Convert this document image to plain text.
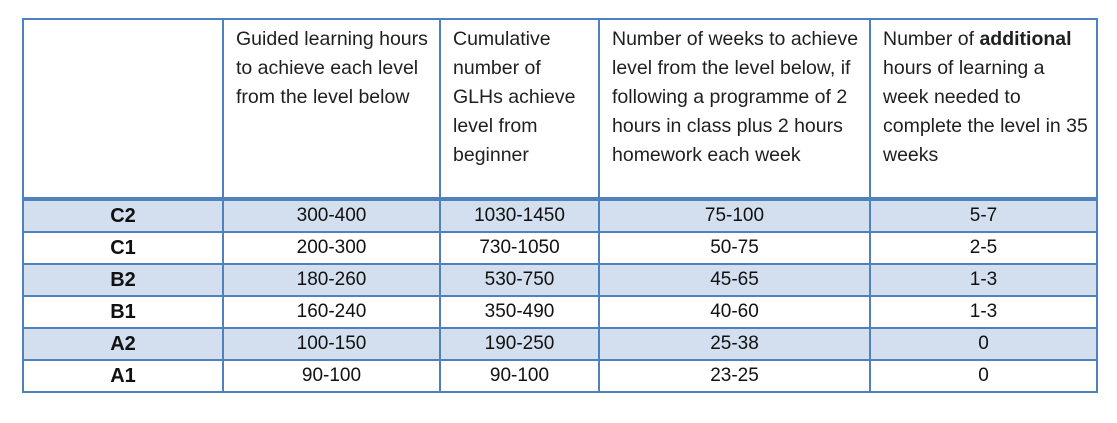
	Guided learning hours to achieve each level from the level below	Cumulative number of GLHs achieve level from beginner	Number of weeks to achieve level from the level below, if following a programme of 2 hours in class plus 2 hours homework each week	Number of additional hours of learning a week needed to complete the level in 35 weeks
C2	300-400	1030-1450	75-100	5-7
C1	200-300	730-1050	50-75	2-5
B2	180-260	530-750	45-65	1-3
B1	160-240	350-490	40-60	1-3
A2	100-150	190-250	25-38	0
A1	90-100	90-100	23-25	0
